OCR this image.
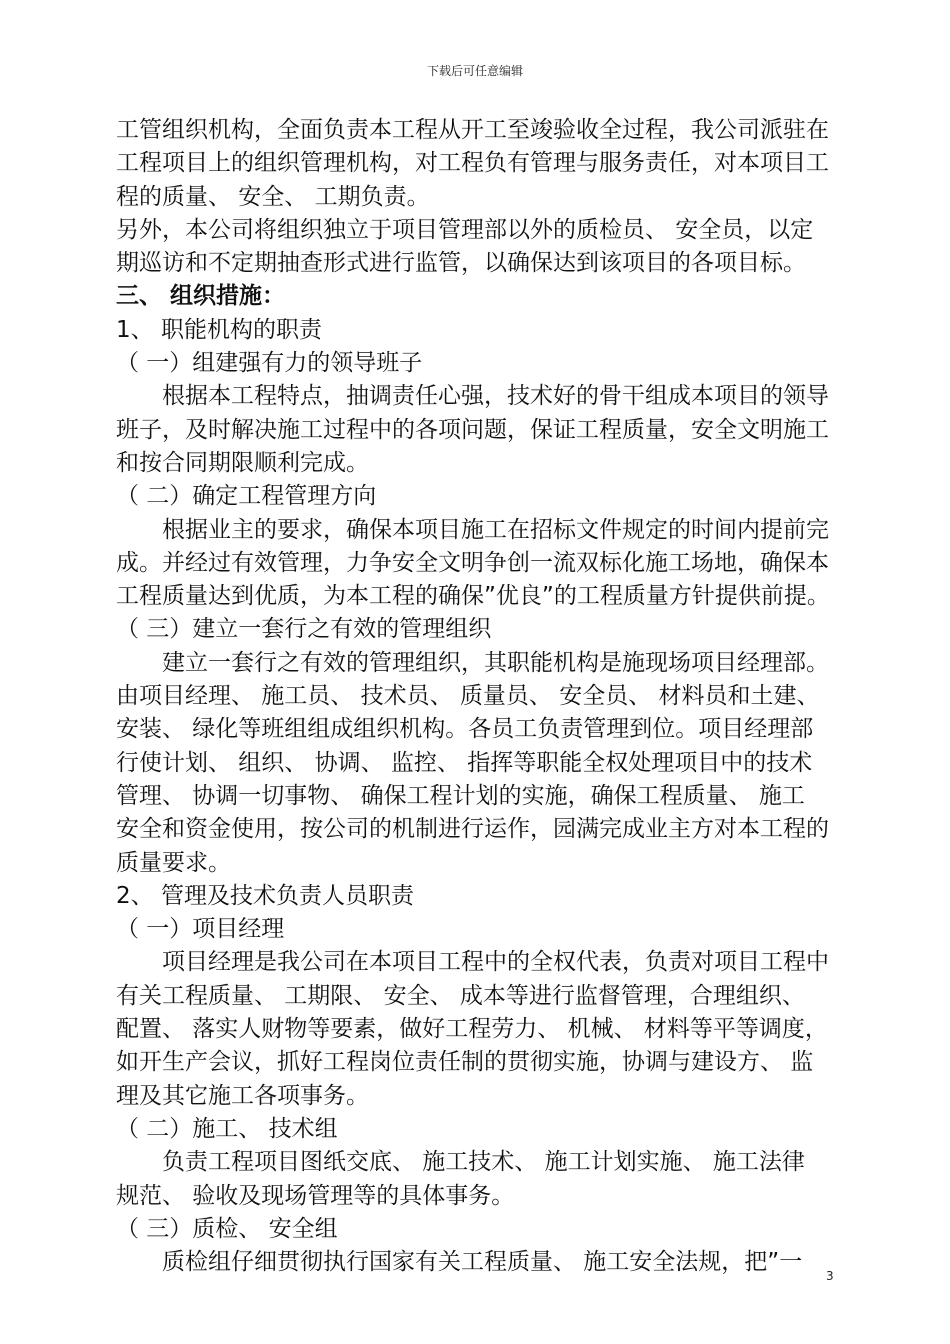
下载后可任意编辑
工管组织机构，全面负责本工程从开工至竣验收全过程，我公司派驻在
工程项目上的组织管理机构，对工程负有管理与服务责任，对本项目工
程的质量、 安全、 工期负责。
另外，本公司将组织独立于项目管理部以外的质检员、 安全员，以定
期巡访和不定期抽查形式进行监管，以确保达到该项目的各项目标。
三、 组织措施：
1、 职能机构的职责
（ 一）组建强有力的领导班子
根据本工程特点，抽调责任心强，技术好的骨干组成本项目的领导
班子，及时解决施工过程中的各项问题，保证工程质量，安全文明施工
和按合同期限顺利完成。
（ 二）确定工程管理方向
根据业主的要求，确保本项目施工在招标文件规定的时间内提前完
成。并经过有效管理，力争安全文明争创一流双标化施工场地，确保本
工程质量达到优质，为本工程的确保”优良”的工程质量方针提供前提。
（ 三）建立一套行之有效的管理组织
建立一套行之有效的管理组织，其职能机构是施现场项目经理部。
由项目经理、 施工员、 技术员、 质量员、 安全员、 材料员和土建、
安装、 绿化等班组组成组织机构。各员工负责管理到位。项目经理部
行使计划、 组织、 协调、 监控、 指挥等职能全权处理项目中的技术
管理、 协调一切事物、 确保工程计划的实施，确保工程质量、 施工
安全和资金使用，按公司的机制进行运作，园满完成业主方对本工程的
质量要求。
2、 管理及技术负责人员职责
（ 一）项目经理
项目经理是我公司在本项目工程中的全权代表，负责对项目工程中
有关工程质量、 工期限、 安全、 成本等进行监督管理，合理组织、
配置、 落实人财物等要素，做好工程劳力、 机械、 材料等平等调度，
如开生产会议，抓好工程岗位责任制的贯彻实施，协调与建设方、 监
理及其它施工各项事务。
（ 二）施工、 技术组
负责工程项目图纸交底、 施工技术、 施工计划实施、 施工法律
规范、 验收及现场管理等的具体事务。
（ 三）质检、 安全组
质检组仔细贯彻执行国家有关工程质量、 施工安全法规，把”一
3
